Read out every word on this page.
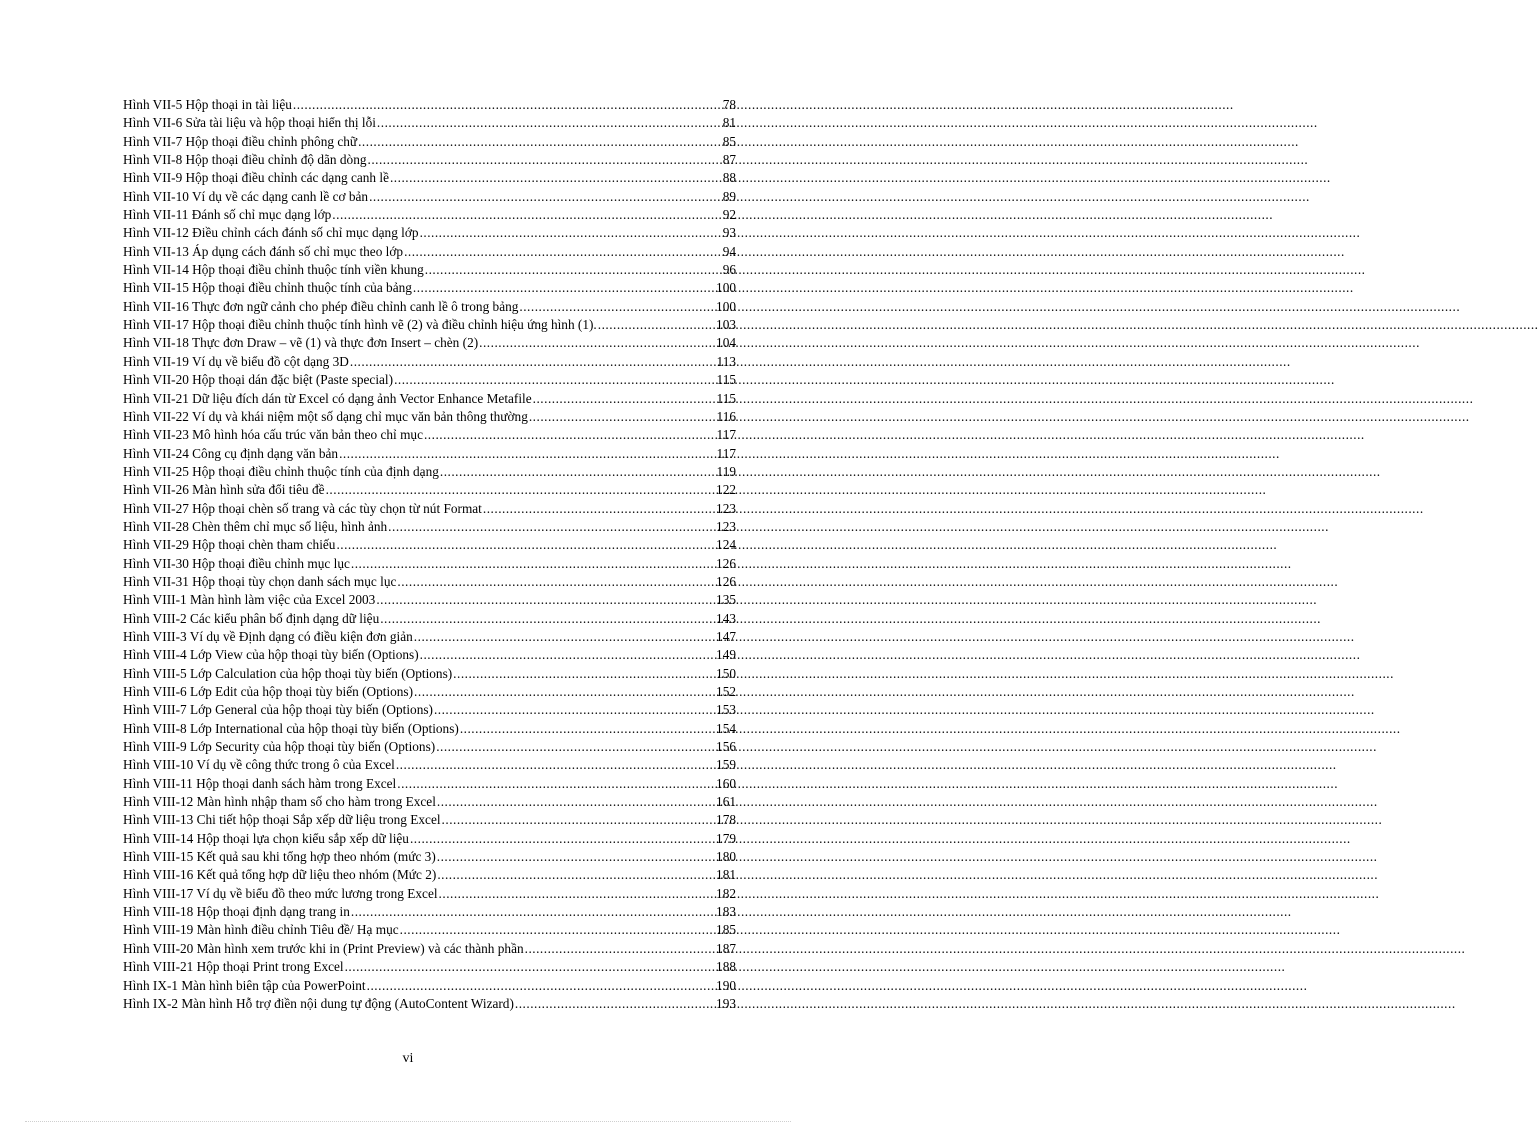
Hình VII-5 Hộp thoại in tài liệu .....	78
Hình VII-6 Sửa tài liệu và hộp thoại hiển thị lỗi .....	81
Hình VII-7 Hộp thoại điều chỉnh phông chữ .....	85
Hình VII-8 Hộp thoại điều chỉnh độ dãn dòng .....	87
Hình VII-9 Hộp thoại điều chỉnh các dạng canh lề .....	88
Hình VII-10 Ví dụ về các dạng canh lề cơ bản .....	89
Hình VII-11 Đánh số chỉ mục dạng lớp .....	92
Hình VII-12 Điều chỉnh cách đánh số chỉ mục dạng lớp .....	93
Hình VII-13 Áp dụng cách đánh số chỉ mục theo lớp .....	94
Hình VII-14 Hộp thoại điều chỉnh thuộc tính viền khung .....	96
Hình VII-15 Hộp thoại điều chỉnh thuộc tính của bảng .....	100
Hình VII-16 Thực đơn ngữ cảnh cho phép điều chỉnh canh lề ô trong bảng .....	100
Hình VII-17 Hộp thoại điều chỉnh thuộc tính hình vẽ (2) và điều chỉnh hiệu ứng hình (1). .....	103
Hình VII-18 Thực đơn Draw – vẽ (1) và thực đơn Insert – chèn (2) .....	104
Hình VII-19 Ví dụ về biểu đồ cột dạng 3D .....	113
Hình VII-20 Hộp thoại dán đặc biệt (Paste special) .....	115
Hình VII-21 Dữ liệu đích dán từ Excel có dạng ảnh Vector Enhance Metafile .....	115
Hình VII-22 Ví dụ và khái niệm một số dạng chỉ mục văn bản thông thường .....	116
Hình VII-23 Mô hình hóa cấu trúc văn bản theo chỉ mục .....	117
Hình VII-24 Công cụ định dạng văn bản .....	117
Hình VII-25 Hộp thoại điều chỉnh thuộc tính của định dạng .....	119
Hình VII-26 Màn hình sửa đổi tiêu đề .....	122
Hình VII-27 Hộp thoại chèn số trang và các tùy chọn từ nút Format .....	123
Hình VII-28 Chèn thêm chỉ mục số liệu, hình ảnh .....	123
Hình VII-29 Hộp thoại chèn tham chiếu .....	124
Hình VII-30 Hộp thoại điều chỉnh mục lục .....	126
Hình VII-31 Hộp thoại tùy chọn danh sách mục lục .....	126
Hình VIII-1 Màn hình làm việc của Excel 2003 .....	135
Hình VIII-2 Các kiểu phân bố định dạng dữ liệu .....	143
Hình VIII-3 Ví dụ về Định dạng có điều kiện đơn giản .....	147
Hình VIII-4 Lớp View của hộp thoại tùy biến (Options) .....	149
Hình VIII-5 Lớp Calculation của hộp thoại tùy biến (Options) .....	150
Hình VIII-6 Lớp Edit của hộp thoại tùy biến (Options) .....	152
Hình VIII-7 Lớp General của hộp thoại tùy biến (Options) .....	153
Hình VIII-8 Lớp International của hộp thoại tùy biến (Options) .....	154
Hình VIII-9 Lớp Security của hộp thoại tùy biến (Options) .....	156
Hình VIII-10 Ví dụ về công thức trong ô của Excel .....	159
Hình VIII-11 Hộp thoại danh sách hàm trong Excel .....	160
Hình VIII-12 Màn hình nhập tham số cho hàm trong Excel .....	161
Hình VIII-13 Chi tiết hộp thoại Sắp xếp dữ liệu trong Excel .....	178
Hình VIII-14 Hộp thoại lựa chọn kiểu sắp xếp dữ liệu .....	179
Hình VIII-15 Kết quả sau khi tổng hợp theo nhóm (mức 3) .....	180
Hình VIII-16 Kết quả tổng hợp dữ liệu theo nhóm (Mức 2) .....	181
Hình VIII-17 Ví dụ về biểu đồ theo mức lương trong Excel .....	182
Hình VIII-18 Hộp thoại định dạng trang in .....	183
Hình VIII-19 Màn hình điều chỉnh Tiêu đề/ Hạ mục .....	185
Hình VIII-20 Màn hình xem trước khi in (Print Preview) và các thành phần .....	187
Hình VIII-21 Hộp thoại Print trong Excel .....	188
Hình IX-1 Màn hình biên tập của PowerPoint .....	190
Hình IX-2 Màn hình Hỗ trợ điền nội dung tự động (AutoContent Wizard) .....	193
vi
